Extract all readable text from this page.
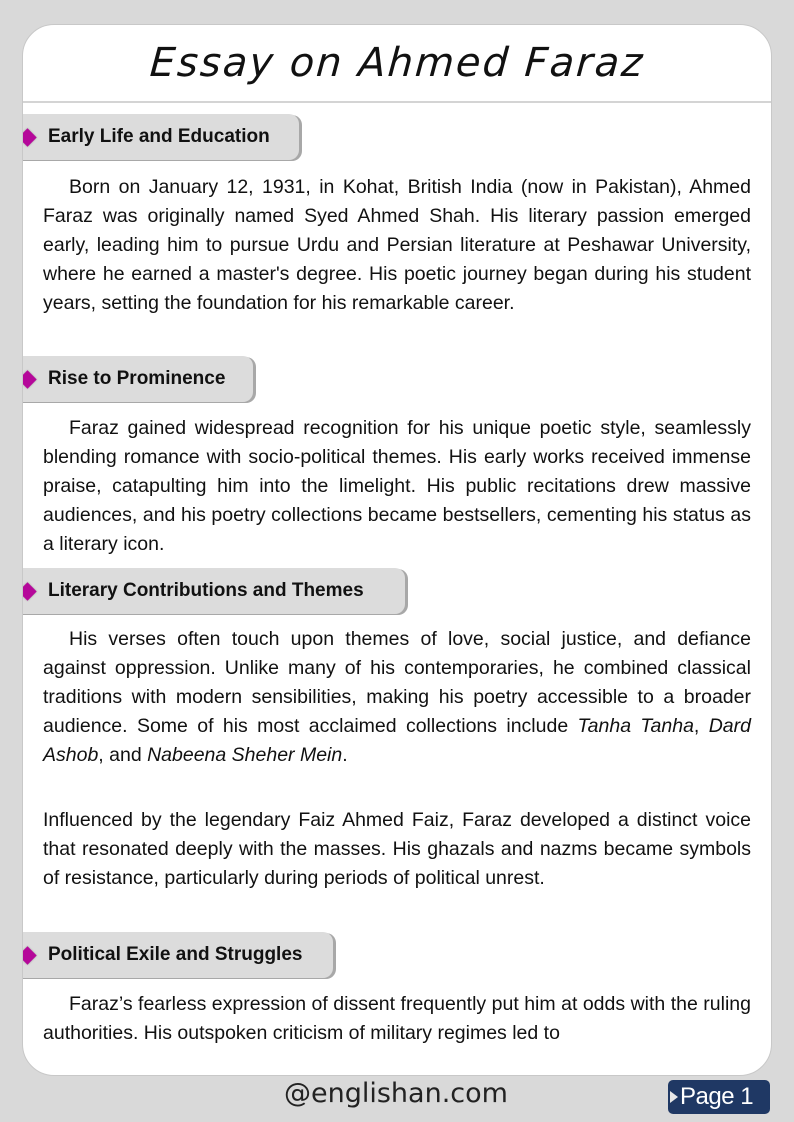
Essay on Ahmed Faraz
Early Life and Education

Born on January 12, 1931, in Kohat, British India (now in Pakistan), Ahmed Faraz was originally named Syed Ahmed Shah. His literary passion emerged early, leading him to pursue Urdu and Persian literature at Peshawar University, where he earned a master's degree. His poetic journey began during his student years, setting the foundation for his remarkable career.

Rise to Prominence

Faraz gained widespread recognition for his unique poetic style, seamlessly blending romance with socio-political themes. His early works received immense praise, catapulting him into the limelight. His public recitations drew massive audiences, and his poetry collections became bestsellers, cementing his status as a literary icon.

Literary Contributions and Themes

His verses often touch upon themes of love, social justice, and defiance against oppression. Unlike many of his contemporaries, he combined classical traditions with modern sensibilities, making his poetry accessible to a broader audience. Some of his most acclaimed collections include Tanha Tanha, Dard Ashob, and Nabeena Sheher Mein.

Influenced by the legendary Faiz Ahmed Faiz, Faraz developed a distinct voice that resonated deeply with the masses. His ghazals and nazms became symbols of resistance, particularly during periods of political unrest.

Political Exile and Struggles

Faraz’s fearless expression of dissent frequently put him at odds with the ruling authorities. His outspoken criticism of military regimes led to

@englishan.com	Page 1
